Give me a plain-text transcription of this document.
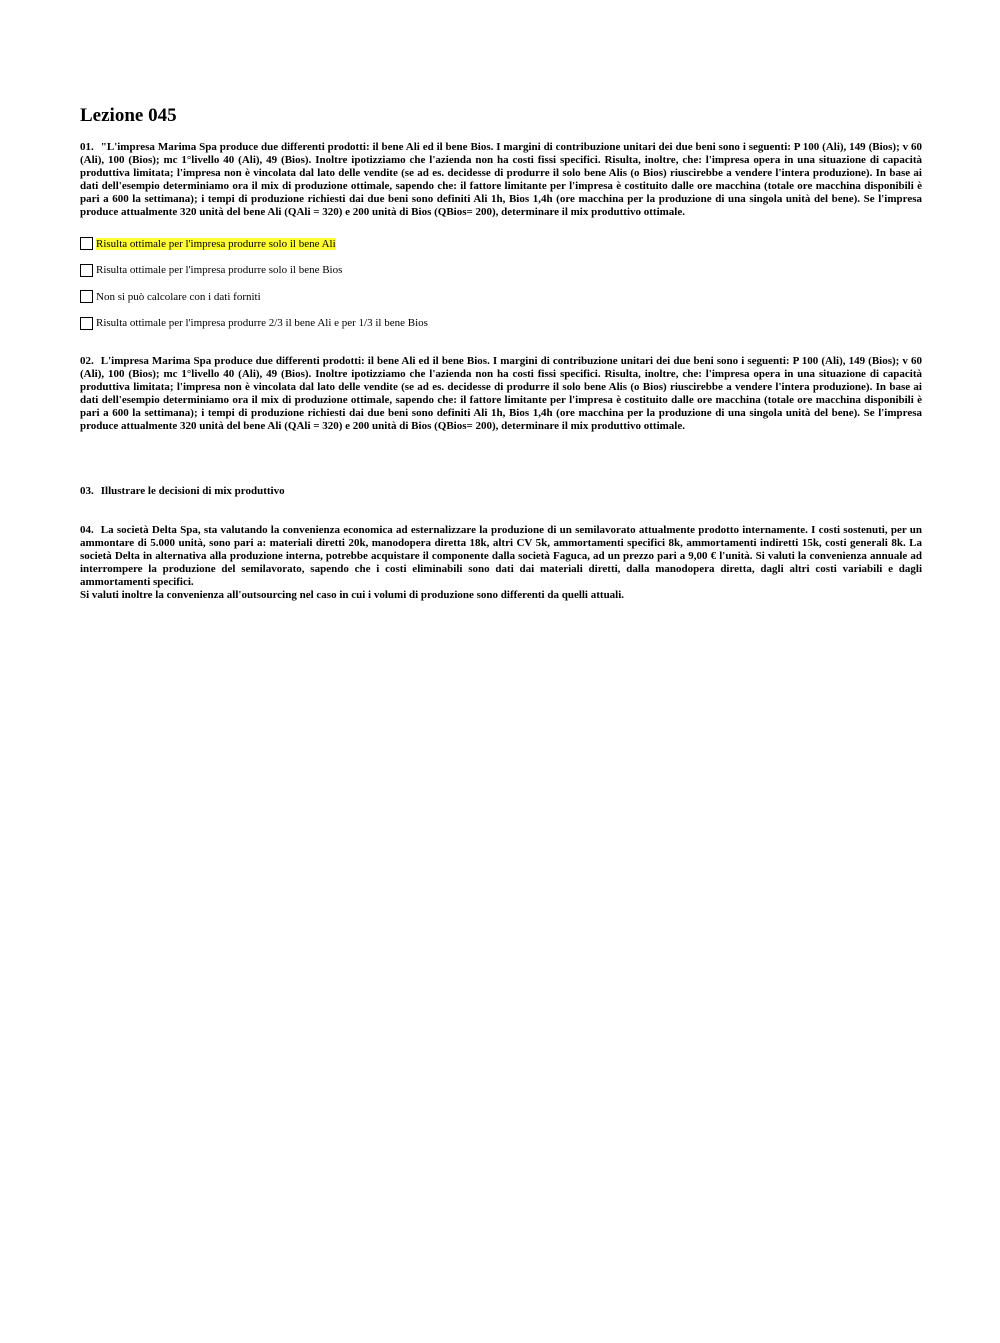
Lezione 045

01. "L'impresa Marima Spa produce due differenti prodotti: il bene Ali ed il bene Bios. I margini di contribuzione unitari dei due beni sono i seguenti: P 100 (Ali), 149 (Bios); v 60 (Ali), 100 (Bios); mc 1°livello 40 (Ali), 49 (Bios). Inoltre ipotizziamo che l'azienda non ha costi fissi specifici. Risulta, inoltre, che: l'impresa opera in una situazione di capacità produttiva limitata; l'impresa non è vincolata dal lato delle vendite (se ad es. decidesse di produrre il solo bene Alis (o Bios) riuscirebbe a vendere l'intera produzione). In base ai dati dell'esempio determiniamo ora il mix di produzione ottimale, sapendo che: il fattore limitante per l'impresa è costituito dalle ore macchina (totale ore macchina disponibili è pari a 600 la settimana); i tempi di produzione richiesti dai due beni sono definiti Ali 1h, Bios 1,4h (ore macchina per la produzione di una singola unità del bene). Se l'impresa produce attualmente 320 unità del bene Ali (QAli = 320) e 200 unità di Bios (QBios= 200), determinare il mix produttivo ottimale.

Risulta ottimale per l'impresa produrre solo il bene Ali
Risulta ottimale per l'impresa produrre solo il bene Bios
Non si può calcolare con i dati forniti
Risulta ottimale per l'impresa produrre 2/3 il bene Ali e per 1/3 il bene Bios

02. L'impresa Marima Spa produce due differenti prodotti: il bene Ali ed il bene Bios. I margini di contribuzione unitari dei due beni sono i seguenti: P 100 (Ali), 149 (Bios); v 60 (Ali), 100 (Bios); mc 1°livello 40 (Ali), 49 (Bios). Inoltre ipotizziamo che l'azienda non ha costi fissi specifici. Risulta, inoltre, che: l'impresa opera in una situazione di capacità produttiva limitata; l'impresa non è vincolata dal lato delle vendite (se ad es. decidesse di produrre il solo bene Alis (o Bios) riuscirebbe a vendere l'intera produzione). In base ai dati dell'esempio determiniamo ora il mix di produzione ottimale, sapendo che: il fattore limitante per l'impresa è costituito dalle ore macchina (totale ore macchina disponibili è pari a 600 la settimana); i tempi di produzione richiesti dai due beni sono definiti Ali 1h, Bios 1,4h (ore macchina per la produzione di una singola unità del bene). Se l'impresa produce attualmente 320 unità del bene Ali (QAli = 320) e 200 unità di Bios (QBios= 200), determinare il mix produttivo ottimale.

03. Illustrare le decisioni di mix produttivo

04. La società Delta Spa, sta valutando la convenienza economica ad esternalizzare la produzione di un semilavorato attualmente prodotto internamente. I costi sostenuti, per un ammontare di 5.000 unità, sono pari a: materiali diretti 20k, manodopera diretta 18k, altri CV 5k, ammortamenti specifici 8k, ammortamenti indiretti 15k, costi generali 8k. La società Delta in alternativa alla produzione interna, potrebbe acquistare il componente dalla società Faguca, ad un prezzo pari a 9,00 € l'unità. Si valuti la convenienza annuale ad interrompere la produzione del semilavorato, sapendo che i costi eliminabili sono dati dai materiali diretti, dalla manodopera diretta, dagli altri costi variabili e dagli ammortamenti specifici.
Si valuti inoltre la convenienza all'outsourcing nel caso in cui i volumi di produzione sono differenti da quelli attuali.
